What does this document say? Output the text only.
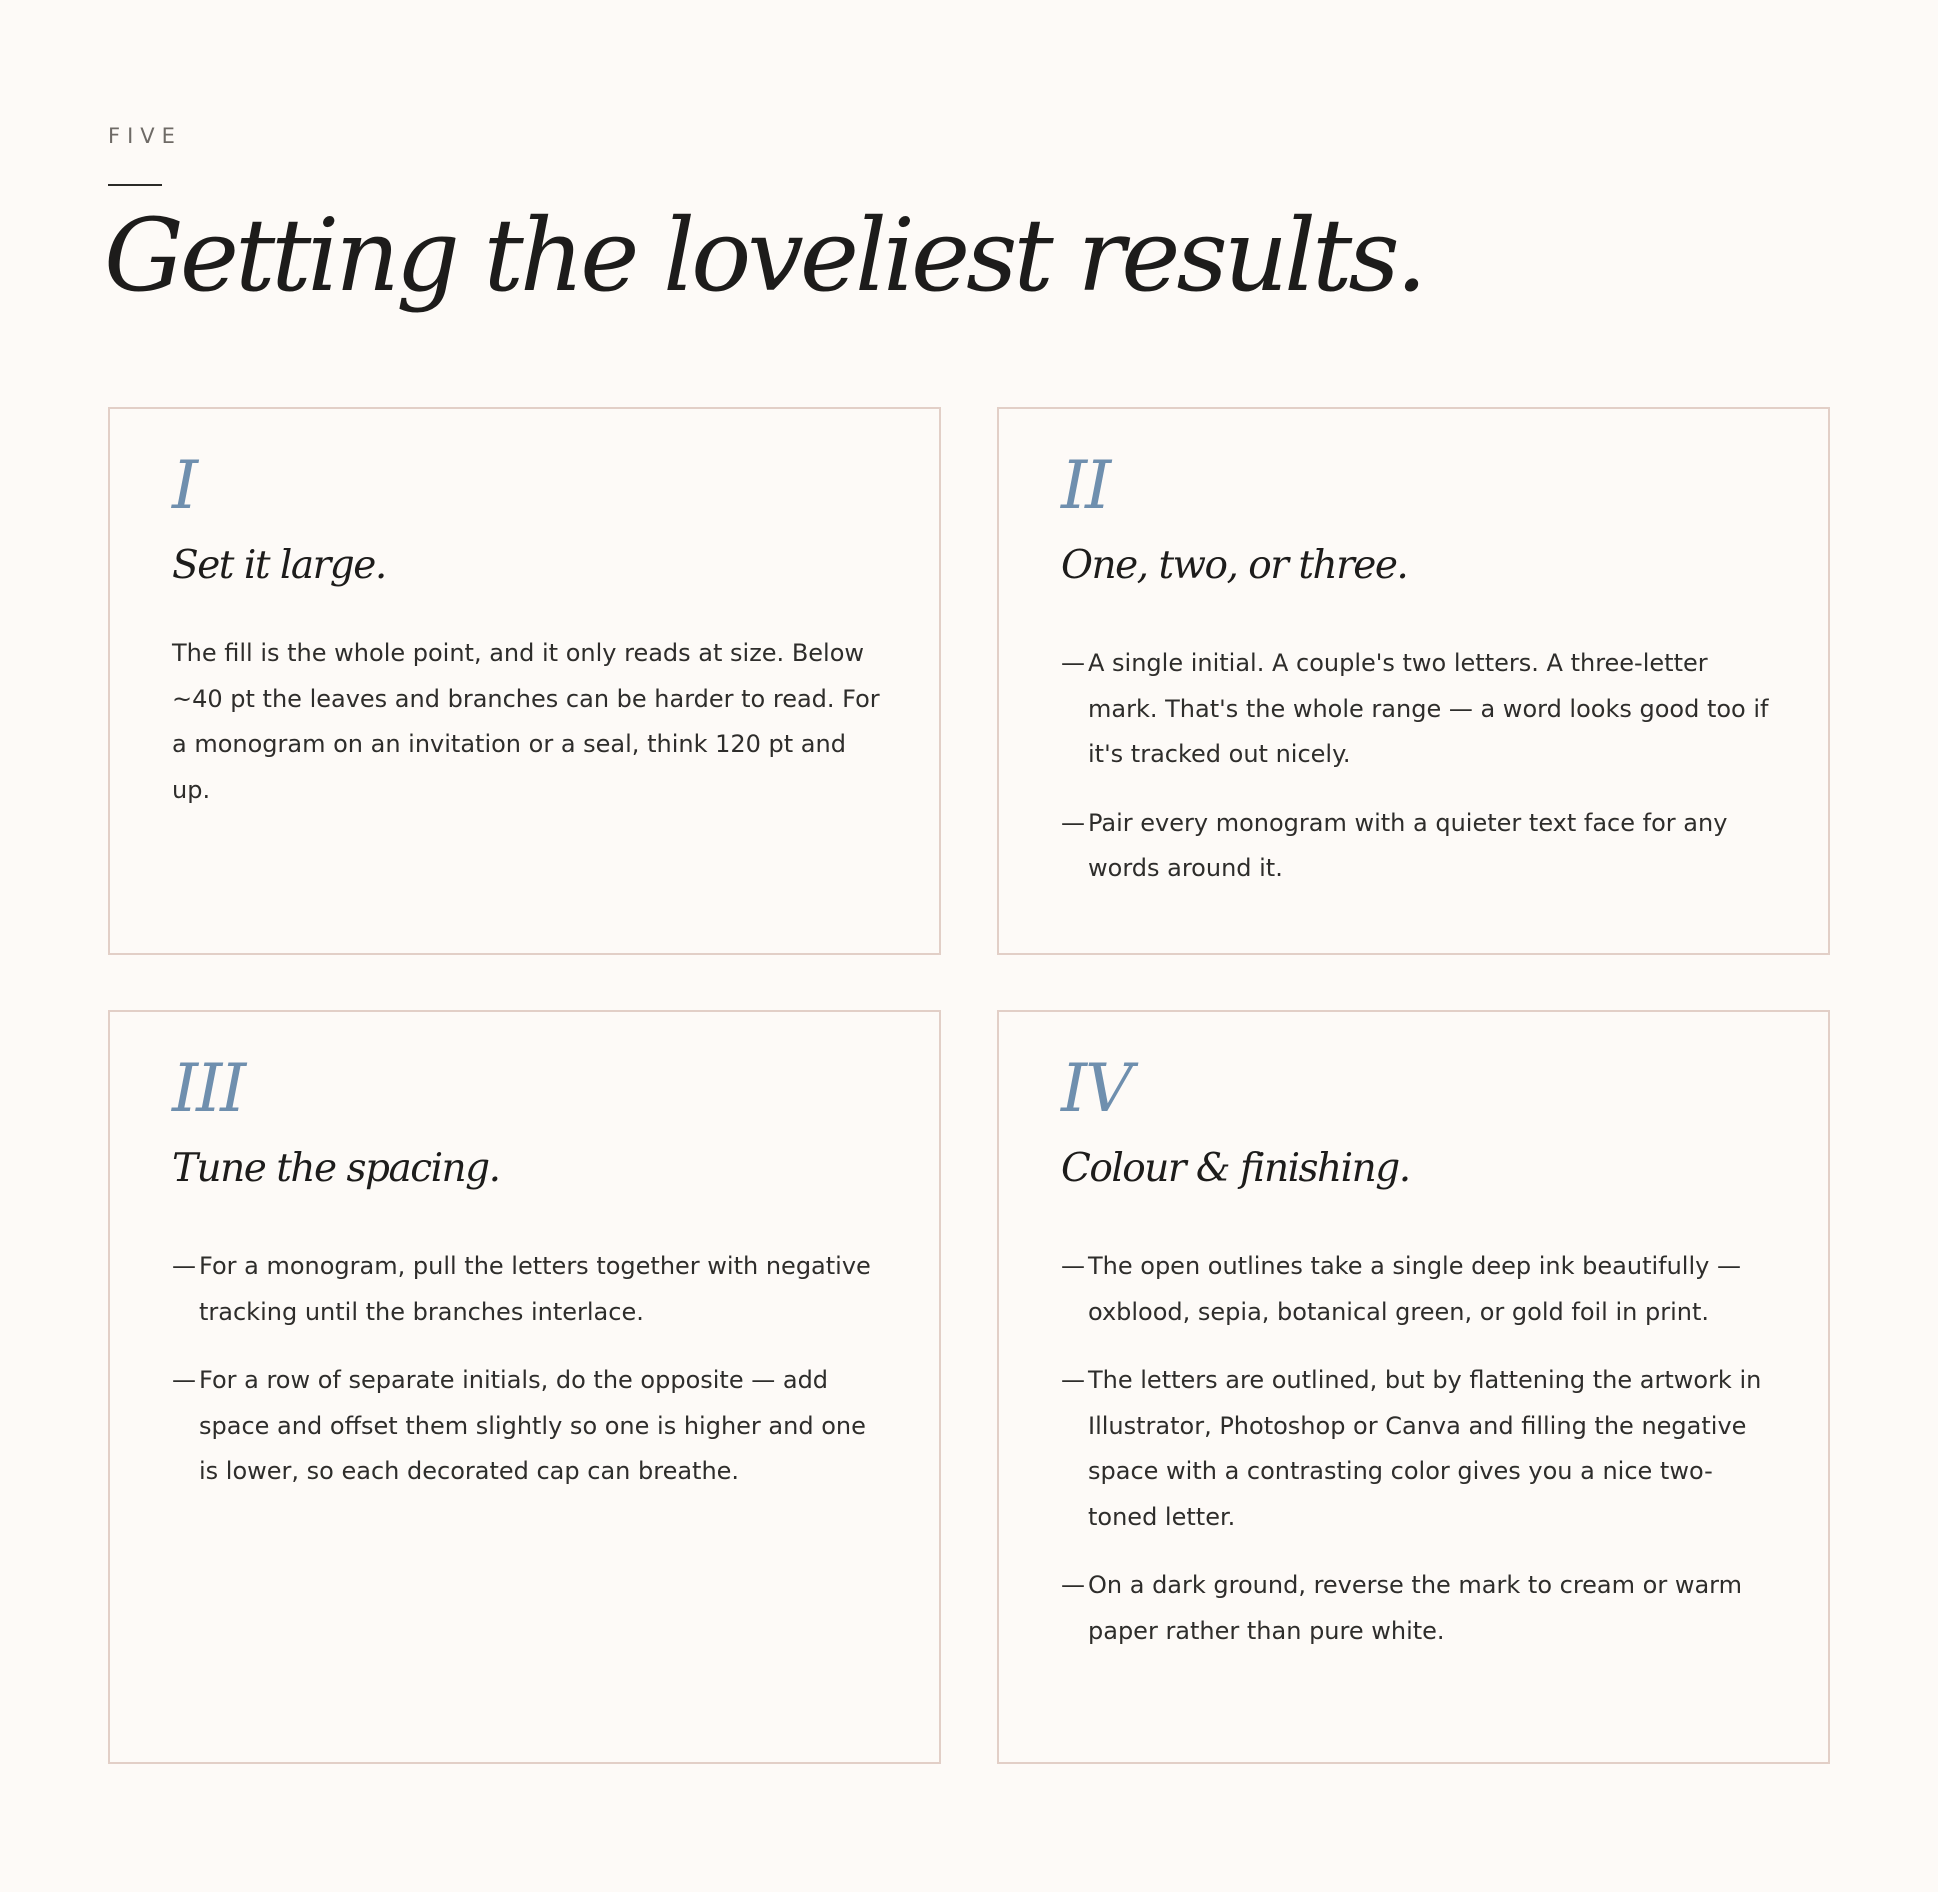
FIVE
Getting the loveliest results.
I
Set it large.

The fill is the whole point, and it only reads at size. Below ~40 pt the leaves and branches can be harder to read. For a monogram on an invitation or a seal, think 120 pt and up.

II
One, two, or three.
— A single initial. A couple's two letters. A three-letter mark. That's the whole range — a word looks good too if it's tracked out nicely.
— Pair every monogram with a quieter text face for any words around it.
III
Tune the spacing.
— For a monogram, pull the letters together with negative tracking until the branches interlace.
— For a row of separate initials, do the opposite — add space and offset them slightly so one is higher and one is lower, so each decorated cap can breathe.
IV
Colour & finishing.
— The open outlines take a single deep ink beautifully — oxblood, sepia, botanical green, or gold foil in print.
— The letters are outlined, but by flattening the artwork in Illustrator, Photoshop or Canva and filling the negative space with a contrasting color gives you a nice two-toned letter.
— On a dark ground, reverse the mark to cream or warm paper rather than pure white.
